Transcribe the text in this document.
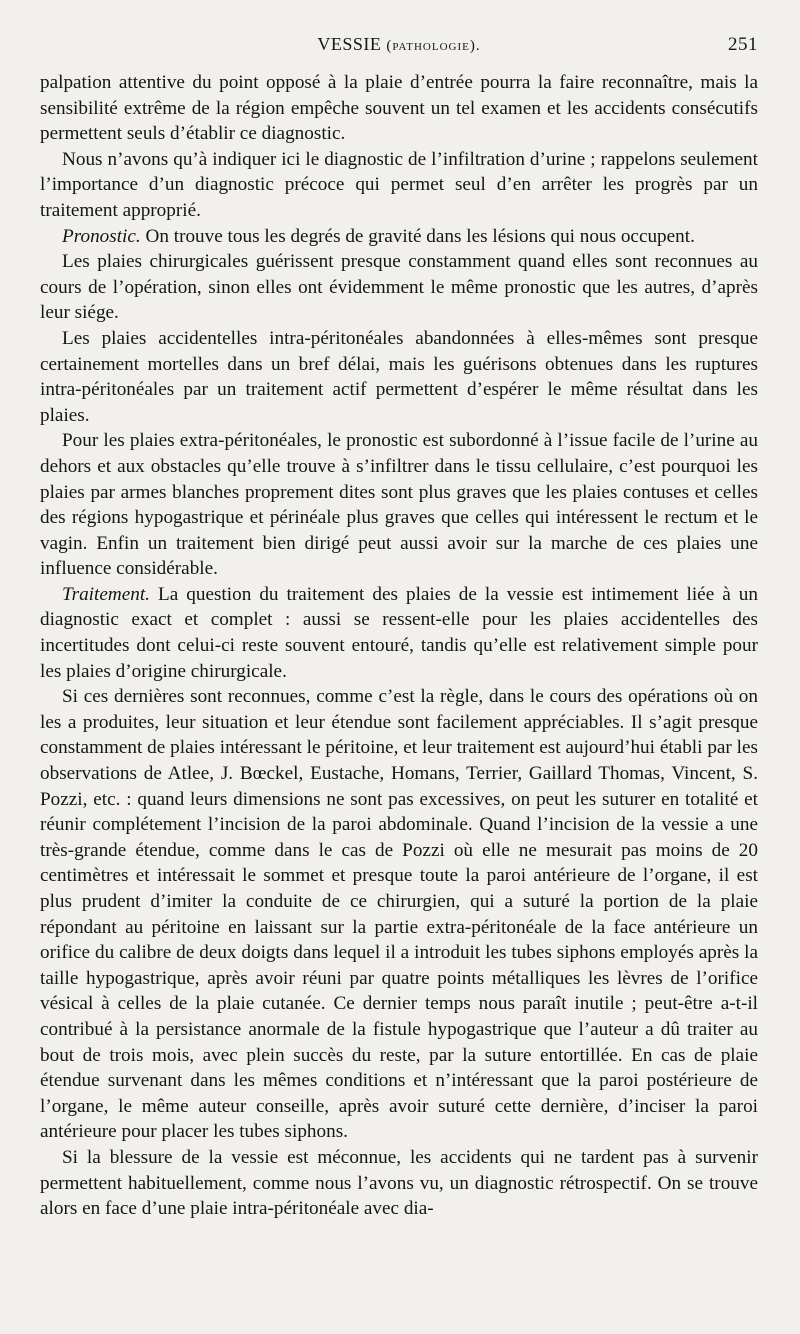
VESSIE (pathologie).	251

palpation attentive du point opposé à la plaie d’entrée pourra la faire reconnaître, mais la sensibilité extrême de la région empêche souvent un tel examen et les accidents consécutifs permettent seuls d’établir ce diagnostic.

Nous n’avons qu’à indiquer ici le diagnostic de l’infiltration d’urine ; rappelons seulement l’importance d’un diagnostic précoce qui permet seul d’en arrêter les progrès par un traitement approprié.

Pronostic. On trouve tous les degrés de gravité dans les lésions qui nous occupent.

Les plaies chirurgicales guérissent presque constamment quand elles sont reconnues au cours de l’opération, sinon elles ont évidemment le même pronostic que les autres, d’après leur siége.

Les plaies accidentelles intra-péritonéales abandonnées à elles-mêmes sont presque certainement mortelles dans un bref délai, mais les guérisons obtenues dans les ruptures intra-péritonéales par un traitement actif permettent d’espérer le même résultat dans les plaies.

Pour les plaies extra-péritonéales, le pronostic est subordonné à l’issue facile de l’urine au dehors et aux obstacles qu’elle trouve à s’infiltrer dans le tissu cellulaire, c’est pourquoi les plaies par armes blanches proprement dites sont plus graves que les plaies contuses et celles des régions hypogastrique et périnéale plus graves que celles qui intéressent le rectum et le vagin. Enfin un traitement bien dirigé peut aussi avoir sur la marche de ces plaies une influence considérable.

Traitement. La question du traitement des plaies de la vessie est intimement liée à un diagnostic exact et complet : aussi se ressent-elle pour les plaies accidentelles des incertitudes dont celui-ci reste souvent entouré, tandis qu’elle est relativement simple pour les plaies d’origine chirurgicale.

Si ces dernières sont reconnues, comme c’est la règle, dans le cours des opérations où on les a produites, leur situation et leur étendue sont facilement appréciables. Il s’agit presque constamment de plaies intéressant le péritoine, et leur traitement est aujourd’hui établi par les observations de Atlee, J. Bœckel, Eustache, Homans, Terrier, Gaillard Thomas, Vincent, S. Pozzi, etc. : quand leurs dimensions ne sont pas excessives, on peut les suturer en totalité et réunir complétement l’incision de la paroi abdominale. Quand l’incision de la vessie a une très-grande étendue, comme dans le cas de Pozzi où elle ne mesurait pas moins de 20 centimètres et intéressait le sommet et presque toute la paroi antérieure de l’organe, il est plus prudent d’imiter la conduite de ce chirurgien, qui a suturé la portion de la plaie répondant au péritoine en laissant sur la partie extra-péritonéale de la face antérieure un orifice du calibre de deux doigts dans lequel il a introduit les tubes siphons employés après la taille hypogastrique, après avoir réuni par quatre points métalliques les lèvres de l’orifice vésical à celles de la plaie cutanée. Ce dernier temps nous paraît inutile ; peut-être a-t-il contribué à la persistance anormale de la fistule hypogastrique que l’auteur a dû traiter au bout de trois mois, avec plein succès du reste, par la suture entortillée. En cas de plaie étendue survenant dans les mêmes conditions et n’intéressant que la paroi postérieure de l’organe, le même auteur conseille, après avoir suturé cette dernière, d’inciser la paroi antérieure pour placer les tubes siphons.

Si la blessure de la vessie est méconnue, les accidents qui ne tardent pas à survenir permettent habituellement, comme nous l’avons vu, un diagnostic rétrospectif. On se trouve alors en face d’une plaie intra-péritonéale avec dia-
